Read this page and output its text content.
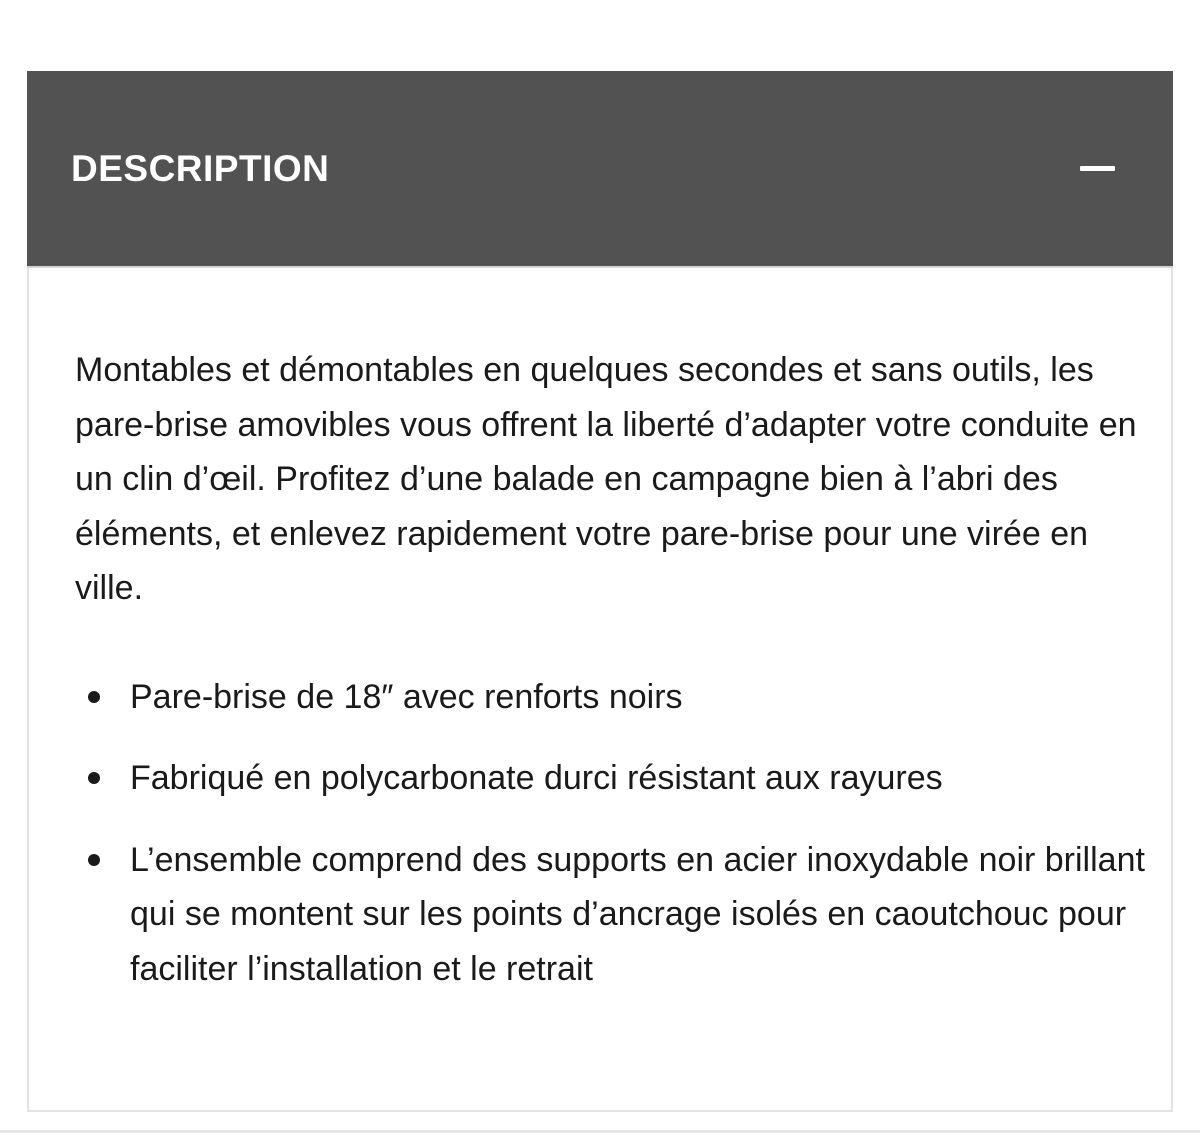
DESCRIPTION

Montables et démontables en quelques secondes et sans outils, les pare-brise amovibles vous offrent la liberté d’adapter votre conduite en un clin d’œil. Profitez d’une balade en campagne bien à l’abri des éléments, et enlevez rapidement votre pare-brise pour une virée en ville.

Pare-brise de 18″ avec renforts noirs
Fabriqué en polycarbonate durci résistant aux rayures
L’ensemble comprend des supports en acier inoxydable noir brillant qui se montent sur les points d’ancrage isolés en caoutchouc pour faciliter l’installation et le retrait
